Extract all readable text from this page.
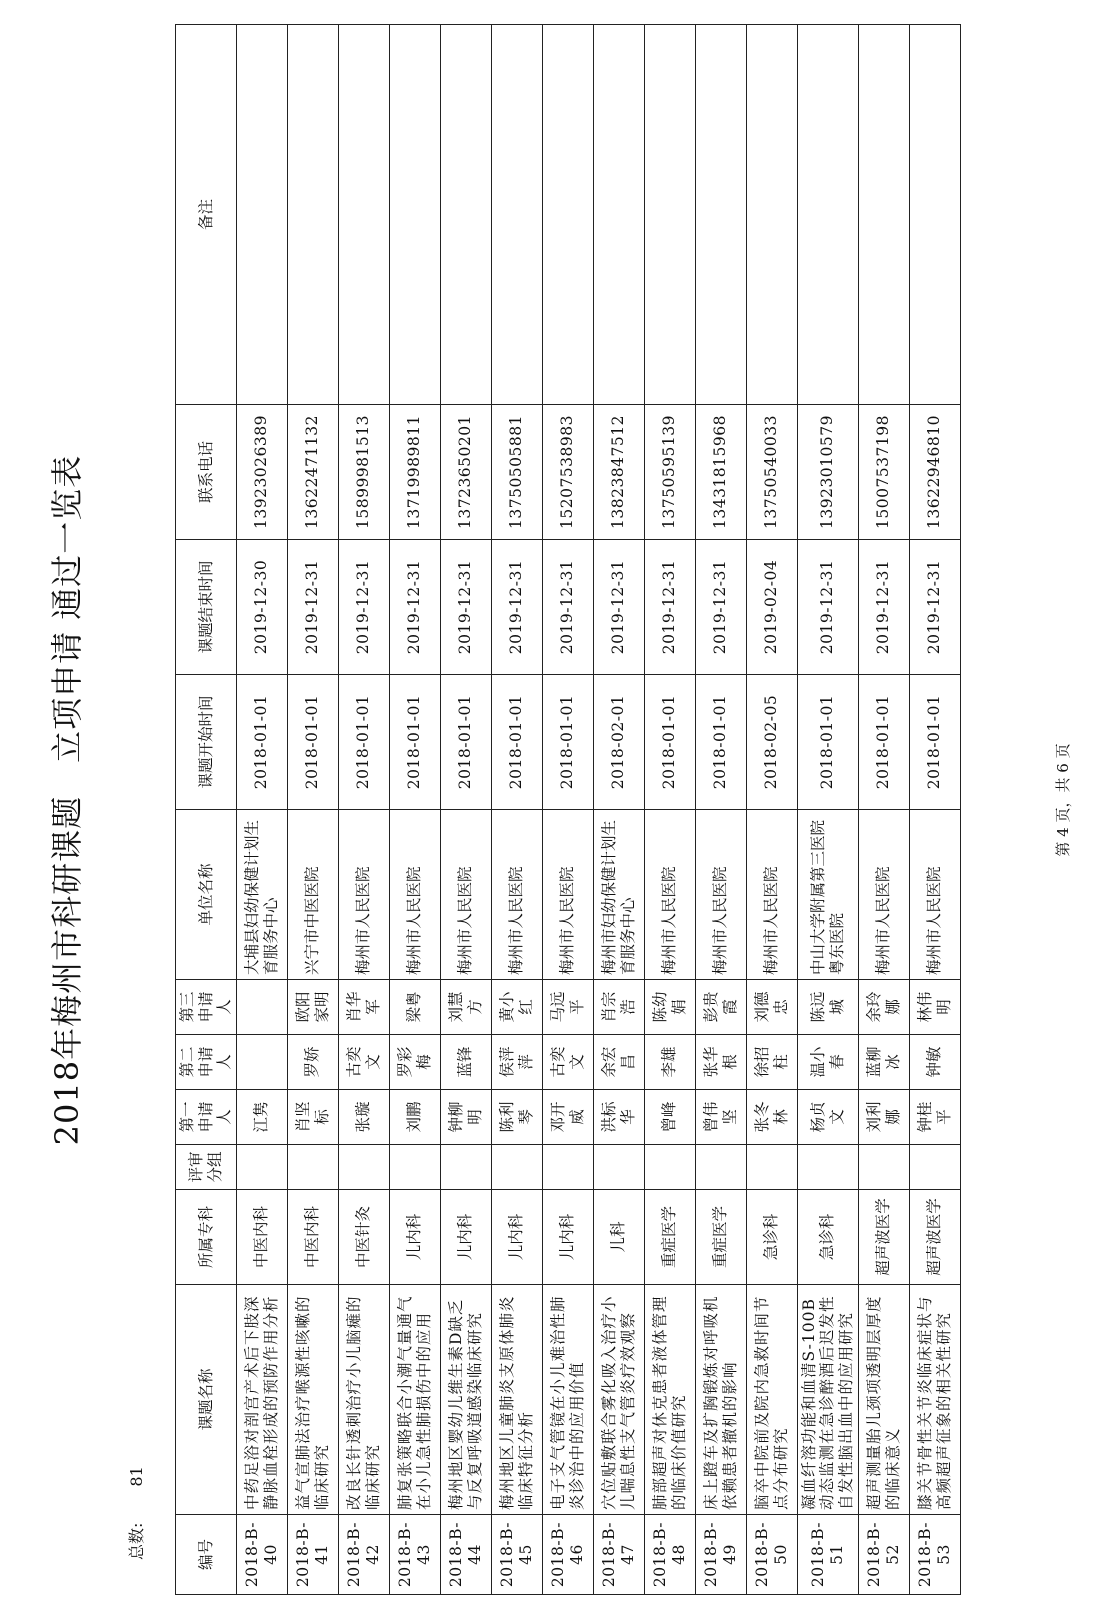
2018年梅州市科研课题　立项申请 通过一览表
总数:81
编号	课题名称	所属专科	评审分组	第一申请人	第二申请人	第三申请人	单位名称	课题开始时间	课题结束时间	联系电话	备注
2018-B-40	中药足浴对剖宫产术后下肢深静脉血栓形成的预防作用分析	中医内科		江隽			大埔县妇幼保健计划生育服务中心	2018-01-01	2019-12-30	13923026389	
2018-B-41	益气宣肺法治疗喉源性咳嗽的临床研究	中医内科		肖坚标	罗娇	欧阳家明	兴宁市中医医院	2018-01-01	2019-12-31	13622471132	
2018-B-42	改良长针透刺治疗小儿脑瘫的临床研究	中医针灸		张璇	古奕文	肖华军	梅州市人民医院	2018-01-01	2019-12-31	15899981513	
2018-B-43	肺复张策略联合小潮气量通气在小儿急性肺损伤中的应用	儿内科		刘鹏	罗彩梅	梁粤	梅州市人民医院	2018-01-01	2019-12-31	13719989811	
2018-B-44	梅州地区婴幼儿维生素D缺乏与反复呼吸道感染临床研究	儿内科		钟柳明	蓝锋	刘慧方	梅州市人民医院	2018-01-01	2019-12-31	13723650201	
2018-B-45	梅州地区儿童肺炎支原体肺炎临床特征分析	儿内科		陈利琴	侯萍萍	黄小红	梅州市人民医院	2018-01-01	2019-12-31	13750505881	
2018-B-46	电子支气管镜在小儿难治性肺炎诊治中的应用价值	儿内科		邓开威	古奕文	马远平	梅州市人民医院	2018-01-01	2019-12-31	15207538983	
2018-B-47	穴位贴敷联合雾化吸入治疗小儿喘息性支气管炎疗效观察	儿科		洪标华	余宏昌	肖宗浩	梅州市妇幼保健计划生育服务中心	2018-02-01	2019-12-31	13823847512	
2018-B-48	肺部超声对休克患者液体管理的临床价值研究	重症医学		曾峰	李雄	陈幼娟	梅州市人民医院	2018-01-01	2019-12-31	13750595139	
2018-B-49	床上蹬车及扩胸锻炼对呼吸机依赖患者撤机的影响	重症医学		曾伟坚	张华根	彭贵霞	梅州市人民医院	2018-01-01	2019-12-31	13431815968	
2018-B-50	脑卒中院前及院内急救时间节点分布研究	急诊科		张冬林	徐招柱	刘德忠	梅州市人民医院	2018-02-05	2019-02-04	13750540033	
2018-B-51	凝血纤溶功能和血清S-100B动态监测在急诊醉酒后迟发性自发性脑出血中的应用研究	急诊科		杨贞文	温小春	陈远城	中山大学附属第三医院粤东医院	2018-01-01	2019-12-31	13923010579	
2018-B-52	超声测量胎儿颈项透明层厚度的临床意义	超声波医学		刘利娜	蓝柳冰	余玲娜	梅州市人民医院	2018-01-01	2019-12-31	15007537198	
2018-B-53	膝关节骨性关节炎临床症状与高频超声征象的相关性研究	超声波医学		钟桂平	钟敏	林伟明	梅州市人民医院	2018-01-01	2019-12-31	13622946810	
第 4 页，共 6 页
